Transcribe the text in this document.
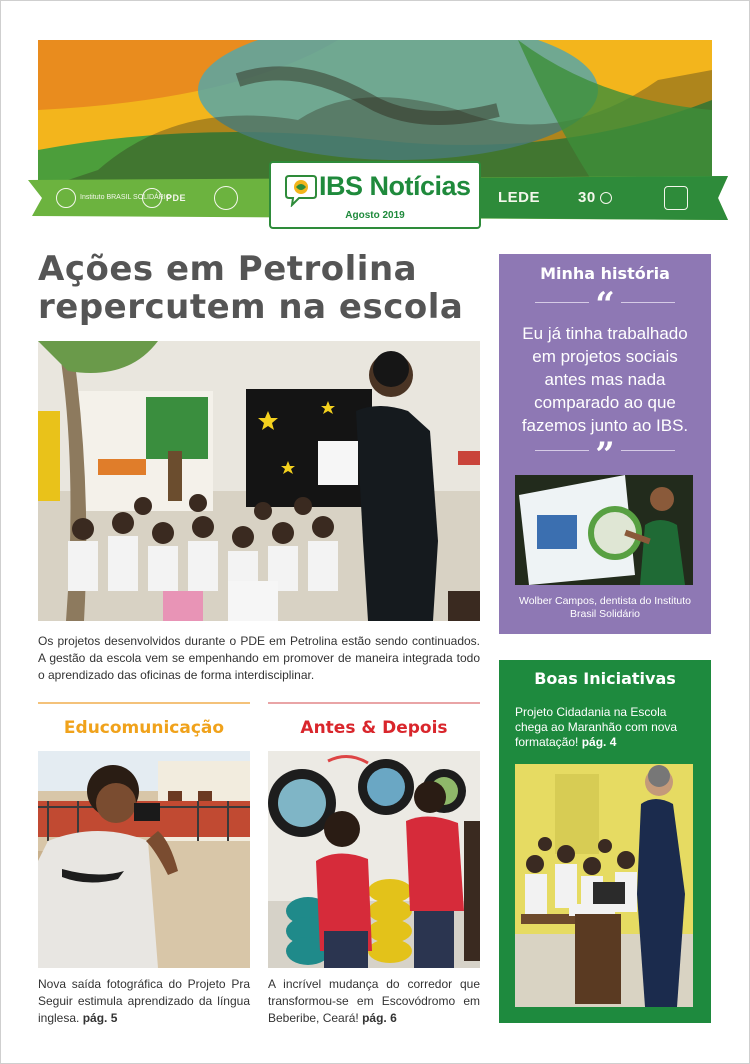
Instituto BRASIL SOLIDÁRIO
PDE	LEDE	30
IBS Notícias
Agosto 2019
Ações em Petrolina repercutem na escola
Os projetos desenvolvidos durante o PDE em Petrolina estão sendo continuados. A gestão da escola vem se empenhando em promover de maneira integrada todo o aprendizado das oficinas de forma interdisciplinar.
Minha história
“
Eu já tinha trabalhado em projetos sociais antes mas nada comparado ao que fazemos junto ao IBS.
”
Wolber Campos, dentista do Instituto Brasil Solidário
Boas Iniciativas
Projeto Cidadania na Escola chega ao Maranhão com nova formatação! pág. 4
Educomunicação
Nova saída fotográfica do Projeto Pra Seguir estimula aprendizado da língua inglesa. pág. 5
Antes & Depois
A incrível mudança do corredor que transformou-se em Escovódromo em Beberibe, Ceará! pág. 6
